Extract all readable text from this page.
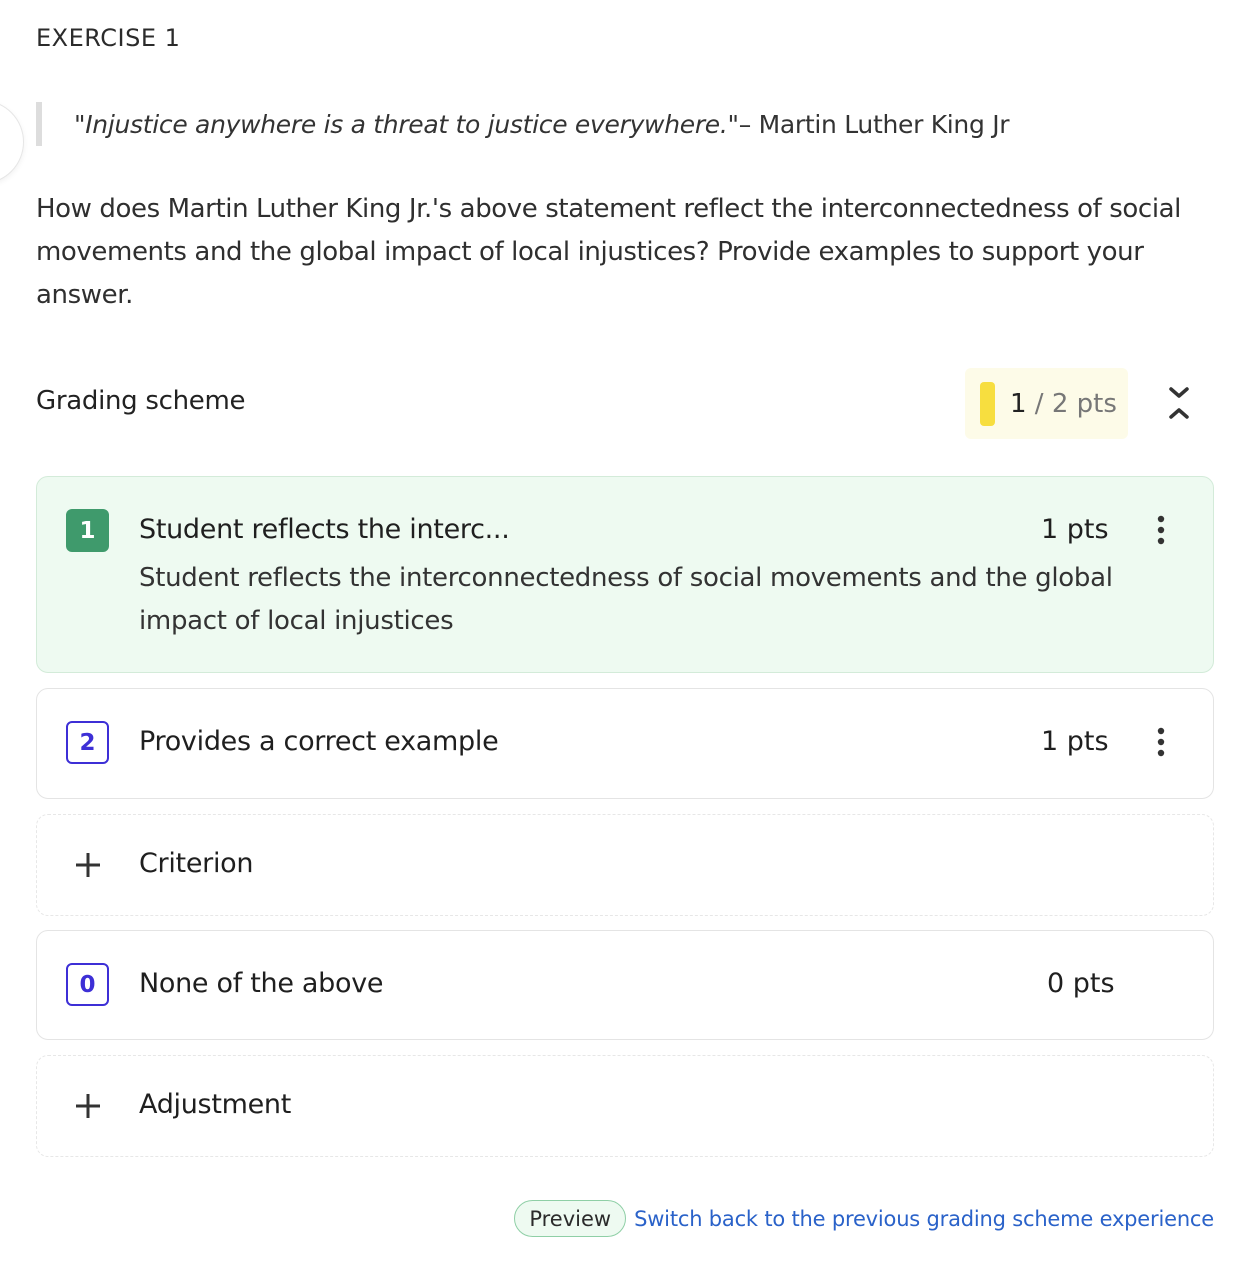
EXERCISE 1
"Injustice anywhere is a threat to justice everywhere." – Martin Luther King Jr
How does Martin Luther King Jr.'s above statement reflect the interconnectedness of social movements and the global impact of local injustices? Provide examples to support your answer.
Grading scheme	1 / 2 pts
1	Student reflects the interc...	1 pts
Student reflects the interconnectedness of social movements and the global impact of local injustices
2	Provides a correct example	1 pts
Criterion
0	None of the above	0 pts
Adjustment
Preview	Switch back to the previous grading scheme experience
